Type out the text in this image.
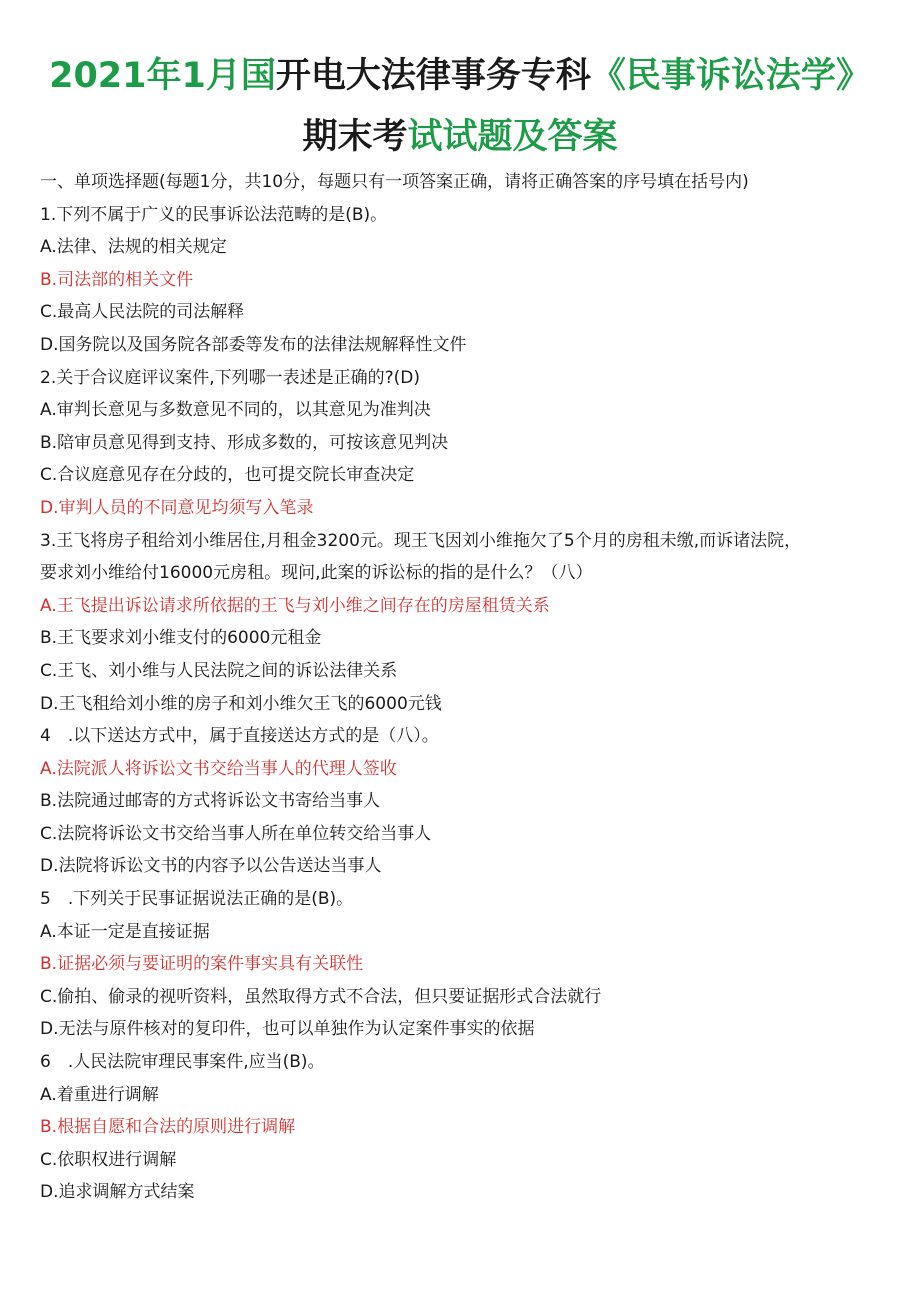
2021年1月国开电大法律事务专科《民事诉讼法学》
期末考试试题及答案
一、单项选择题(每题1分，共10分，每题只有一项答案正确，请将正确答案的序号填在括号内)
1.下列不属于广义的民事诉讼法范畴的是(B)。
A.法律、法规的相关规定
B.司法部的相关文件
C.最高人民法院的司法解释
D.国务院以及国务院各部委等发布的法律法规解释性文件
2.关于合议庭评议案件,下列哪一表述是正确的?(D)
A.审判长意见与多数意见不同的，以其意见为准判决
B.陪审员意见得到支持、形成多数的，可按该意见判决
C.合议庭意见存在分歧的，也可提交院长审查决定
D.审判人员的不同意见均须写入笔录
3.王飞将房子租给刘小维居住,月租金3200元。现王飞因刘小维拖欠了5个月的房租未缴,而诉诸法院，
要求刘小维给付16000元房租。现问,此案的诉讼标的指的是什么？（八）
A.王飞提出诉讼请求所依据的王飞与刘小维之间存在的房屋租赁关系
B.王飞要求刘小维支付的6000元租金
C.王飞、刘小维与人民法院之间的诉讼法律关系
D.王飞租给刘小维的房子和刘小维欠王飞的6000元钱
4　.以下送达方式中，属于直接送达方式的是（八）。
A.法院派人将诉讼文书交给当事人的代理人签收
B.法院通过邮寄的方式将诉讼文书寄给当事人
C.法院将诉讼文书交给当事人所在单位转交给当事人
D.法院将诉讼文书的内容予以公告送达当事人
5　.下列关于民事证据说法正确的是(B)。
A.本证一定是直接证据
B.证据必须与要证明的案件事实具有关联性
C.偷拍、偷录的视听资料，虽然取得方式不合法，但只要证据形式合法就行
D.无法与原件核对的复印件，也可以单独作为认定案件事实的依据
6　.人民法院审理民事案件,应当(B)。
A.着重进行调解
B.根据自愿和合法的原则进行调解
C.依职权进行调解
D.追求调解方式结案
